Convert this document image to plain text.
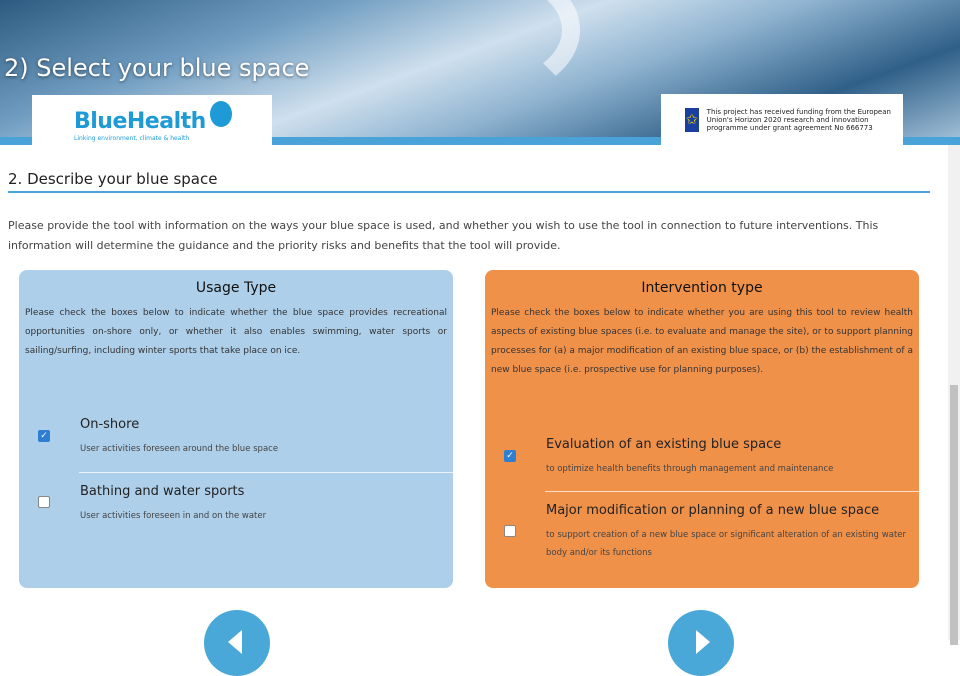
2) Select your blue space
BlueHealth
Linking environment, climate & health
✩ This project has received funding from the European Union's Horizon 2020 research and innovation programme under grant agreement No 666773
2. Describe your blue space
Please provide the tool with information on the ways your blue space is used, and whether you wish to use the tool in connection to future interventions. This information will determine the guidance and the priority risks and benefits that the tool will provide.
Usage Type
Please check the boxes below to indicate whether the blue space provides recreational opportunities on-shore only, or whether it also enables swimming, water sports or sailing/surfing, including winter sports that take place on ice.
✓
On-shore
User activities foreseen around the blue space
Bathing and water sports
User activities foreseen in and on the water
Intervention type
Please check the boxes below to indicate whether you are using this tool to review health aspects of existing blue spaces (i.e. to evaluate and manage the site), or to support planning processes for (a) a major modification of an existing blue space, or (b) the establishment of a new blue space (i.e. prospective use for planning purposes).
✓
Evaluation of an existing blue space
to optimize health benefits through management and maintenance
Major modification or planning of a new blue space
to support creation of a new blue space or significant alteration of an existing water body and/or its functions
